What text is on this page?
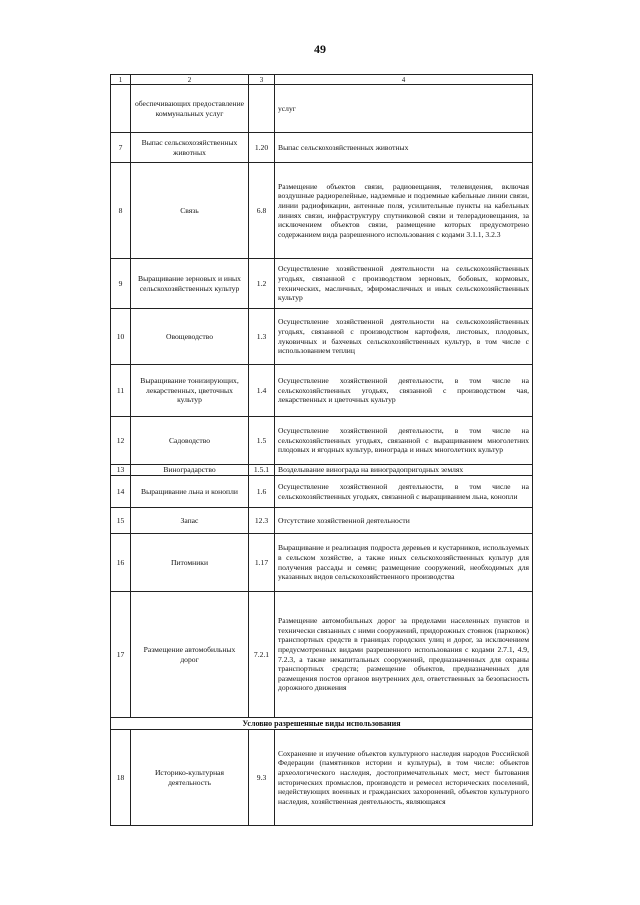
49
1	2	3	4
	обеспечивающих предоставление коммунальных услуг		услуг
7	Выпас сельскохозяйственных животных	1.20	Выпас сельскохозяйственных животных
8	Связь	6.8	Размещение объектов связи, радиовещания, телевидения, включая воздушные радиорелейные, надземные и подземные кабельные линии связи, линии радиофикации, антенные поля, усилительные пункты на кабельных линиях связи, инфраструктуру спутниковой связи и телерадиовещания, за исключением объектов связи, размещение которых предусмотрено содержанием вида разрешенного использования с кодами 3.1.1, 3.2.3
9	Выращивание зерновых и иных сельскохозяйственных культур	1.2	Осуществление хозяйственной деятельности на сельскохозяйственных угодьях, связанной с производством зерновых, бобовых, кормовых, технических, масличных, эфиромасличных и иных сельскохозяйственных культур
10	Овощеводство	1.3	Осуществление хозяйственной деятельности на сельскохозяйственных угодьях, связанной с производством картофеля, листовых, плодовых, луковичных и бахчевых сельскохозяйственных культур, в том числе с использованием теплиц
11	Выращивание тонизирующих, лекарственных, цветочных культур	1.4	Осуществление хозяйственной деятельности, в том числе на сельскохозяйственных угодьях, связанной с производством чая, лекарственных и цветочных культур
12	Садоводство	1.5	Осуществление хозяйственной деятельности, в том числе на сельскохозяйственных угодьях, связанной с выращиванием многолетних плодовых и ягодных культур, винограда и иных многолетних культур
13	Виноградарство	1.5.1	Возделывание винограда на виноградопригодных землях
14	Выращивание льна и конопли	1.6	Осуществление хозяйственной деятельности, в том числе на сельскохозяйственных угодьях, связанной с выращиванием льна, конопли
15	Запас	12.3	Отсутствие хозяйственной деятельности
16	Питомники	1.17	Выращивание и реализация подроста деревьев и кустарников, используемых в сельском хозяйстве, а также иных сельскохозяйственных культур для получения рассады и семян; размещение сооружений, необходимых для указанных видов сельскохозяйственного производства
17	Размещение автомобильных дорог	7.2.1	Размещение автомобильных дорог за пределами населенных пунктов и технически связанных с ними сооружений, придорожных стоянок (парковок) транспортных средств в границах городских улиц и дорог, за исключением предусмотренных видами разрешенного использования с кодами 2.7.1, 4.9, 7.2.3, а также некапитальных сооружений, предназначенных для охраны транспортных средств; размещение объектов, предназначенных для размещения постов органов внутренних дел, ответственных за безопасность дорожного движения
Условно разрешенные виды использования			
18	Историко-культурная деятельность	9.3	Сохранение и изучение объектов культурного наследия народов Российской Федерации (памятников истории и культуры), в том числе: объектов археологического наследия, достопримечательных мест, мест бытования исторических промыслов, производств и ремесел исторических поселений, недействующих военных и гражданских захоронений, объектов культурного наследия, хозяйственная деятельность, являющаяся
